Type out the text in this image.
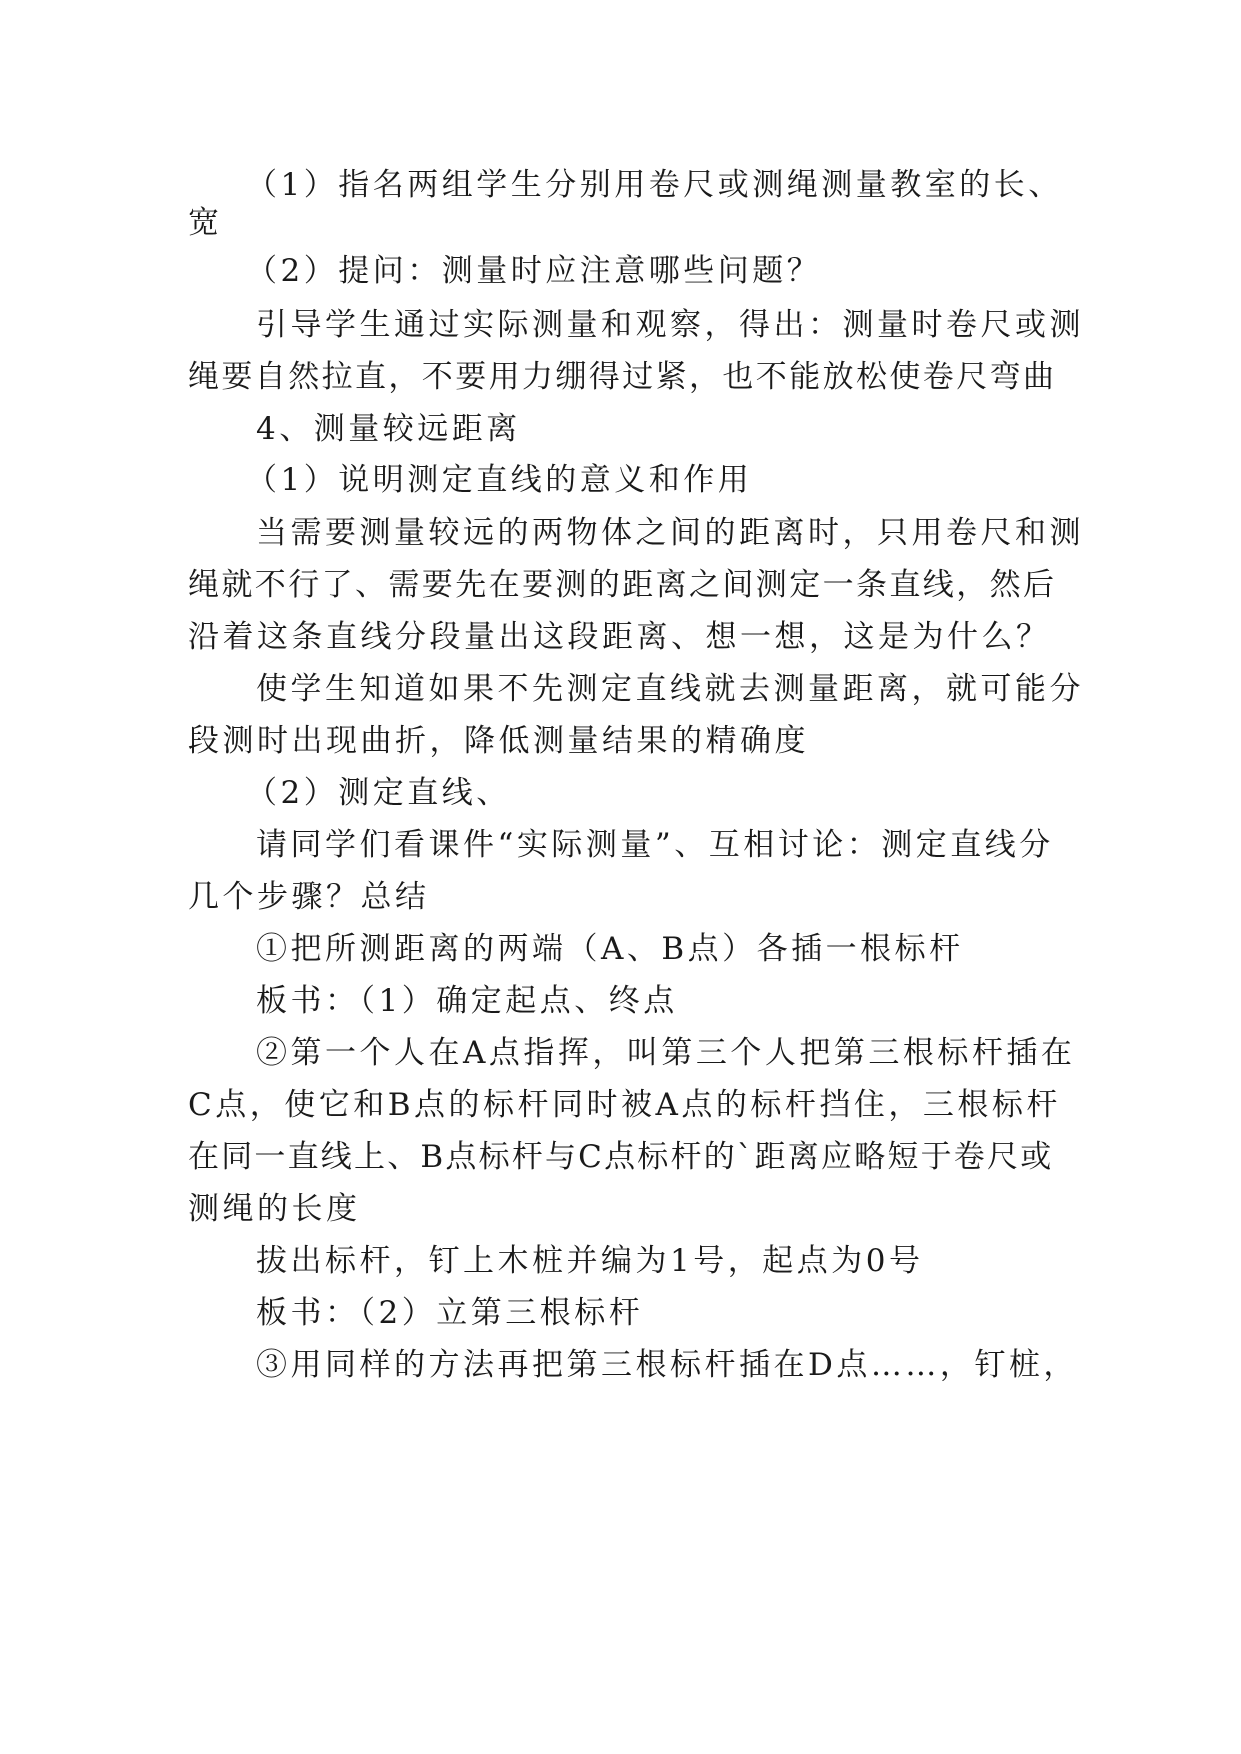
（1）指名两组学生分别用卷尺或测绳测量教室的长、
宽
（2）提问：测量时应注意哪些问题？
引导学生通过实际测量和观察，得出：测量时卷尺或测
绳要自然拉直，不要用力绷得过紧，也不能放松使卷尺弯曲
4、测量较远距离
（1）说明测定直线的意义和作用
当需要测量较远的两物体之间的距离时，只用卷尺和测
绳就不行了、需要先在要测的距离之间测定一条直线，然后
沿着这条直线分段量出这段距离、想一想，这是为什么？
使学生知道如果不先测定直线就去测量距离，就可能分
段测时出现曲折，降低测量结果的精确度
（2）测定直线、
请同学们看课件“实际测量”、互相讨论：测定直线分
几个步骤？总结
①把所测距离的两端（A、B点）各插一根标杆
板书：（1）确定起点、终点
②第一个人在A点指挥，叫第三个人把第三根标杆插在
C点，使它和B点的标杆同时被A点的标杆挡住，三根标杆
在同一直线上、B点标杆与C点标杆的`距离应略短于卷尺或
测绳的长度
拔出标杆，钉上木桩并编为1号，起点为0号
板书：（2）立第三根标杆
③用同样的方法再把第三根标杆插在D点……，钉桩，
